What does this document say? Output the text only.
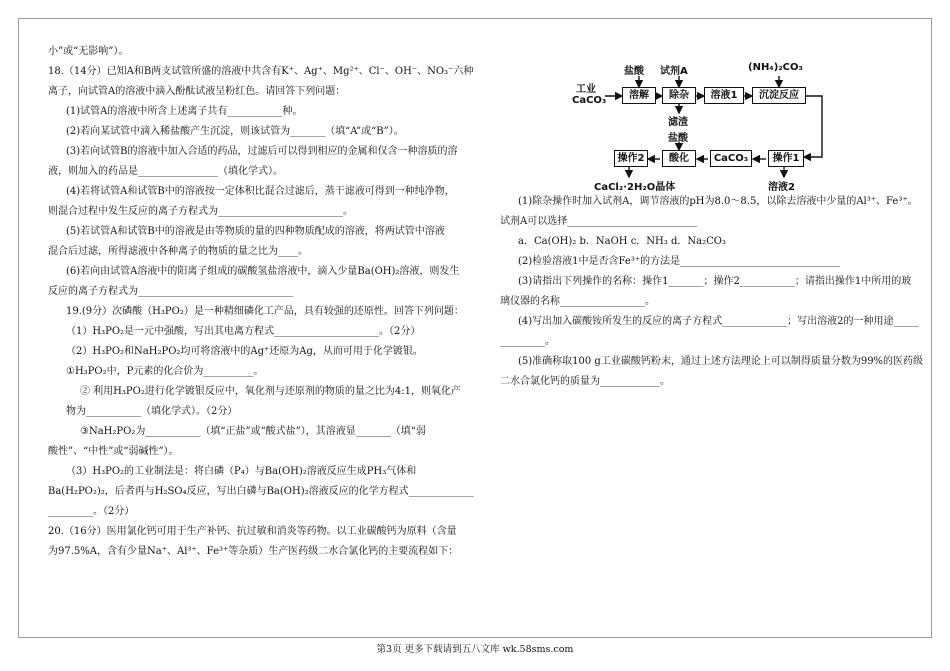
小”或“无影响”）。

18.（14分）已知A和B两支试管所盛的溶液中共含有K⁺、Ag⁺、Mg²⁺、Cl⁻、OH⁻、NO₃⁻六种

离子，向试管A的溶液中滴入酚酞试液呈粉红色。请回答下列问题：

(1)试管A的溶液中所含上述离子共有___________种。

(2)若向某试管中滴入稀盐酸产生沉淀，则该试管为_______（填“A”或“B”）。

(3)若向试管B的溶液中加入合适的药品，过滤后可以得到相应的金属和仅含一种溶质的溶

液，则加入的药品是________________（填化学式）。

(4)若将试管A和试管B中的溶液按一定体积比混合过滤后，蒸干滤液可得到一种纯净物，

则混合过程中发生反应的离子方程式为_________________________。

(5)若试管A和试管B中的溶液是由等物质的量的四种物质配成的溶液，将两试管中溶液

混合后过滤，所得滤液中各种离子的物质的量之比为____。

(6)若向由试管A溶液中的阳离子组成的碳酸氢盐溶液中，滴入少量Ba(OH)₂溶液，则发生

反应的离子方程式为_______________________________

19.(9分）次磷酸（H₃PO₂）是一种精细磷化工产品，具有较强的还原性。回答下列问题：

（1）H₃PO₂是一元中强酸，写出其电离方程式_____________________。（2分）

（2）H₃PO₂和NaH₂PO₂均可将溶液中的Ag⁺还原为Ag，从而可用于化学镀银。

①H₃PO₂中，P元素的化合价为__________。

② 利用H₃PO₂进行化学镀银反应中，氧化剂与还原剂的物质的量之比为4:1，则氧化产

物为___________（填化学式）。（2分）

③NaH₂PO₂为___________（填“正盐”或“酸式盐”），其溶液显_______（填“弱

酸性”、“中性”或“弱碱性”）。

（3）H₃PO₂的工业制法是：将白磷（P₄）与Ba(OH)₂溶液反应生成PH₃气体和

Ba(H₂PO₂)₂，后者再与H₂SO₄反应，写出白磷与Ba(OH)₂溶液反应的化学方程式_____________

_________。（2分）

20.（16分）医用氯化钙可用于生产补钙、抗过敏和消炎等药物。以工业碳酸钙为原料（含量

为97.5%A，含有少量Na⁺、Al³⁺、Fe³⁺等杂质）生产医药级二水合氯化钙的主要流程如下：

盐酸 试剂A	(NH₄)₂CO₃
工业
CaCO₃	溶解	除杂	溶液1	沉淀反应
滤渣
盐酸
操作2	酸化	CaCO₃	操作1
CaCl₂·2H₂O晶体	溶液2

(1)除杂操作时加入试剂A，调节溶液的pH为8.0～8.5，以除去溶液中少量的Al³⁺、Fe³⁺。

试剂A可以选择__________________________

a．Ca(OH)₂ b．NaOH c．NH₃ d．Na₂CO₃

(2)检验溶液1中是否含Fe³⁺的方法是________________________________

(3)请指出下列操作的名称：操作1_______；操作2___________；请指出操作1中所用的玻

璃仪器的名称_________________。

(4)写出加入碳酸铵所发生的反应的离子方程式_____________；写出溶液2的一种用途_____

_________。

(5)准确称取100 g工业碳酸钙粉末，通过上述方法理论上可以制得质量分数为99%的医药级

二水合氯化钙的质量为____________。

第3页 更多下载请到五八文库 wk.58sms.com
